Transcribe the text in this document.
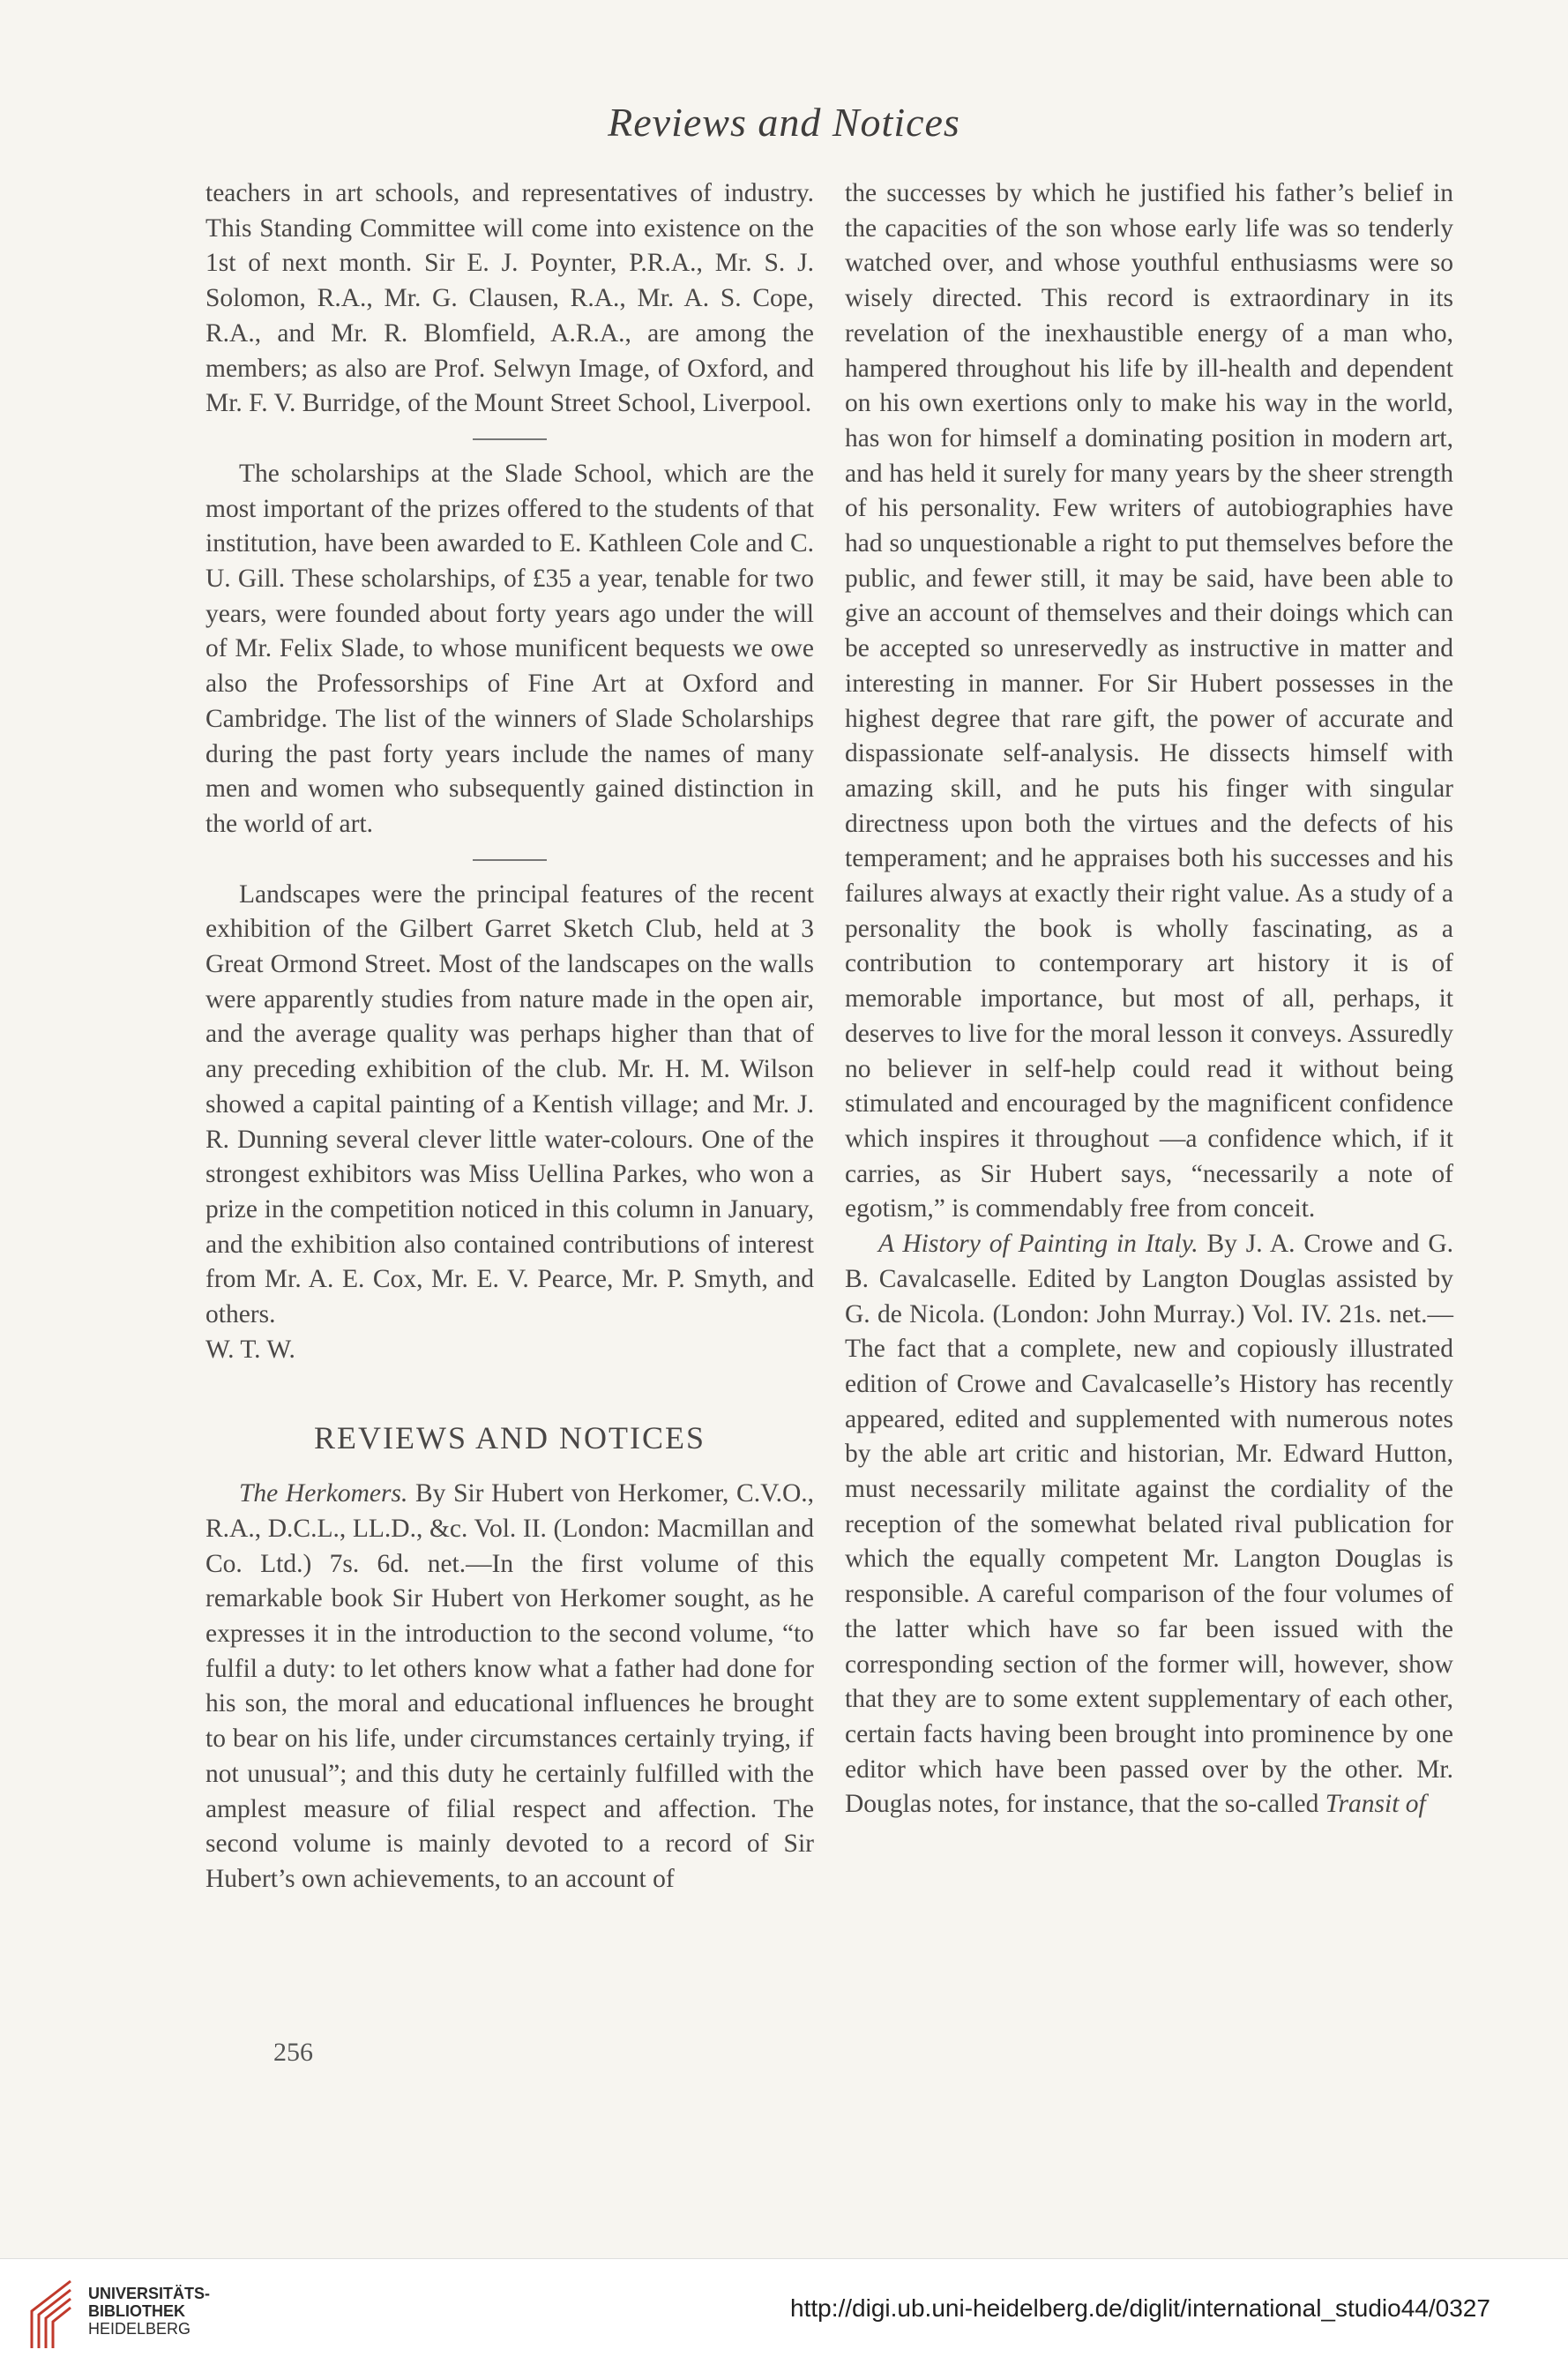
Reviews and Notices

teachers in art schools, and representatives of industry. This Standing Committee will come into existence on the 1st of next month. Sir E. J. Poynter, P.R.A., Mr. S. J. Solomon, R.A., Mr. G. Clausen, R.A., Mr. A. S. Cope, R.A., and Mr. R. Blomfield, A.R.A., are among the members; as also are Prof. Selwyn Image, of Oxford, and Mr. F. V. Burridge, of the Mount Street School, Liverpool.

The scholarships at the Slade School, which are the most important of the prizes offered to the students of that institution, have been awarded to E. Kathleen Cole and C. U. Gill. These scholarships, of £35 a year, tenable for two years, were founded about forty years ago under the will of Mr. Felix Slade, to whose munificent bequests we owe also the Professorships of Fine Art at Oxford and Cambridge. The list of the winners of Slade Scholarships during the past forty years include the names of many men and women who subsequently gained distinction in the world of art.

Landscapes were the principal features of the recent exhibition of the Gilbert Garret Sketch Club, held at 3 Great Ormond Street. Most of the landscapes on the walls were apparently studies from nature made in the open air, and the average quality was perhaps higher than that of any preceding exhibition of the club. Mr. H. M. Wilson showed a capital painting of a Kentish village; and Mr. J. R. Dunning several clever little water-colours. One of the strongest exhibitors was Miss Uellina Parkes, who won a prize in the competition noticed in this column in January, and the exhibition also contained contributions of interest from Mr. A. E. Cox, Mr. E. V. Pearce, Mr. P. Smyth, and others.

W. T. W.

REVIEWS AND NOTICES

The Herkomers. By Sir Hubert von Herkomer, C.V.O., R.A., D.C.L., LL.D., &c. Vol. II. (London: Macmillan and Co. Ltd.) 7s. 6d. net.—In the first volume of this remarkable book Sir Hubert von Herkomer sought, as he expresses it in the introduction to the second volume, “to fulfil a duty: to let others know what a father had done for his son, the moral and educational influences he brought to bear on his life, under circumstances certainly trying, if not unusual”; and this duty he certainly fulfilled with the amplest measure of filial respect and affection. The second volume is mainly devoted to a record of Sir Hubert’s own achievements, to an account of

256

the successes by which he justified his father’s belief in the capacities of the son whose early life was so tenderly watched over, and whose youthful enthusiasms were so wisely directed. This record is extraordinary in its revelation of the inexhaustible energy of a man who, hampered throughout his life by ill-health and dependent on his own exertions only to make his way in the world, has won for himself a dominating position in modern art, and has held it surely for many years by the sheer strength of his personality. Few writers of autobiographies have had so unquestionable a right to put themselves before the public, and fewer still, it may be said, have been able to give an account of themselves and their doings which can be accepted so unreservedly as instructive in matter and interesting in manner. For Sir Hubert possesses in the highest degree that rare gift, the power of accurate and dispassionate self-analysis. He dissects himself with amazing skill, and he puts his finger with singular directness upon both the virtues and the defects of his temperament; and he appraises both his successes and his failures always at exactly their right value. As a study of a personality the book is wholly fascinating, as a contribution to contemporary art history it is of memorable importance, but most of all, perhaps, it deserves to live for the moral lesson it conveys. Assuredly no believer in self-help could read it without being stimulated and encouraged by the magnificent confidence which inspires it throughout —a confidence which, if it carries, as Sir Hubert says, “necessarily a note of egotism,” is commendably free from conceit.

A History of Painting in Italy. By J. A. Crowe and G. B. Cavalcaselle. Edited by Langton Douglas assisted by G. de Nicola. (London: John Murray.) Vol. IV. 21s. net.—The fact that a complete, new and copiously illustrated edition of Crowe and Cavalcaselle’s History has recently appeared, edited and supplemented with numerous notes by the able art critic and historian, Mr. Edward Hutton, must necessarily militate against the cordiality of the reception of the somewhat belated rival publication for which the equally competent Mr. Langton Douglas is responsible. A careful comparison of the four volumes of the latter which have so far been issued with the corresponding section of the former will, however, show that they are to some extent supplementary of each other, certain facts having been brought into prominence by one editor which have been passed over by the other. Mr. Douglas notes, for instance, that the so-called Transit of

UNIVERSITÄTS-
BIBLIOTHEK
HEIDELBERG
http://digi.ub.uni-heidelberg.de/diglit/international_studio44/0327
